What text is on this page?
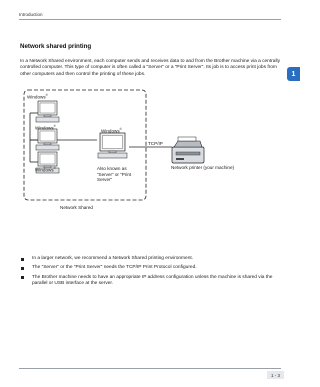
Introduction
1
Network shared printing

In a Network Shared environment, each computer sends and receives data to and from the Brother machine via a centrally controlled computer. This type of computer is often called a “Server” or a “Print Server”. Its job is to access print jobs from other computers and then control the printing of these jobs.

Windows®
Windows®
Windows®
Windows®
Also known as “Server” or “Print Server”
TCP/IP
Network printer (your machine)
Network Shared
In a larger network, we recommend a Network Shared printing environment.
The “Server” or the “Print Server” needs the TCP/IP Print Protocol configured.
The Brother machine needs to have an appropriate IP address configuration unless the machine is shared via the parallel or USB interface at the server.
1 - 3
